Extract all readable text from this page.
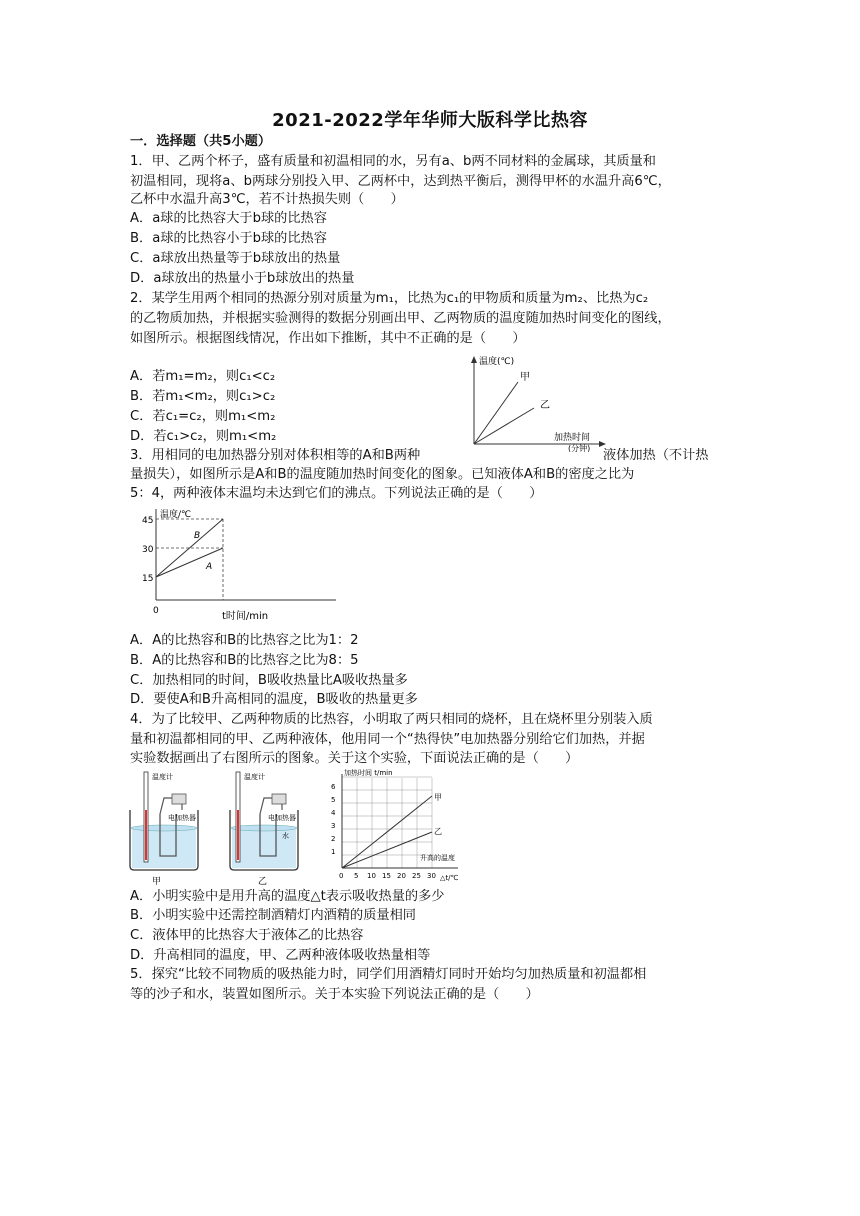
2021-2022学年华师大版科学比热容
一．选择题（共5小题）
1．甲、乙两个杯子，盛有质量和初温相同的水，另有a、b两不同材料的金属球，其质量和
初温相同，现将a、b两球分别投入甲、乙两杯中，达到热平衡后，测得甲杯的水温升高6℃，
乙杯中水温升高3℃，若不计热损失则（　　）
A．a球的比热容大于b球的比热容
B．a球的比热容小于b球的比热容
C．a球放出热量等于b球放出的热量
D．a球放出的热量小于b球放出的热量
2．某学生用两个相同的热源分别对质量为m₁，比热为c₁的甲物质和质量为m₂、比热为c₂
的乙物质加热，并根据实验测得的数据分别画出甲、乙两物质的温度随加热时间变化的图线，
如图所示。根据图线情况，作出如下推断，其中不正确的是（　　）
A．若m₁=m₂，则c₁<c₂
B．若m₁<m₂，则c₁>c₂
C．若c₁=c₂，则m₁<m₂
D．若c₁>c₂，则m₁<m₂
温度(℃)
甲
乙
加热时间
(分钟)
3．用相同的电加热器分别对体积相等的A和B两种	液体加热（不计热
量损失），如图所示是A和B的温度随加热时间变化的图象。已知液体A和B的密度之比为
5：4，两种液体末温均未达到它们的沸点。下列说法正确的是（　　）
温度/℃
45
30
15
B
A
0	t时间/min
A．A的比热容和B的比热容之比为1：2
B．A的比热容和B的比热容之比为8：5
C．加热相同的时间，B吸收热量比A吸收热量多
D．要使A和B升高相同的温度，B吸收的热量更多
4．为了比较甲、乙两种物质的比热容，小明取了两只相同的烧杯，且在烧杯里分别装入质
量和初温都相同的甲、乙两种液体，他用同一个“热得快”电加热器分别给它们加热，并据
实验数据画出了右图所示的图象。关于这个实验，下面说法正确的是（　　）
温度计
电加热器
甲
温度计
电加热器
水
乙
加热时间 t/min
6
5
4
3
2
1
0 5 10 15 20 25 30
甲
乙
升高的温度
△t/℃
A．小明实验中是用升高的温度△t表示吸收热量的多少
B．小明实验中还需控制酒精灯内酒精的质量相同
C．液体甲的比热容大于液体乙的比热容
D．升高相同的温度，甲、乙两种液体吸收热量相等
5．探究“比较不同物质的吸热能力时，同学们用酒精灯同时开始均匀加热质量和初温都相
等的沙子和水，装置如图所示。关于本实验下列说法正确的是（　　）
